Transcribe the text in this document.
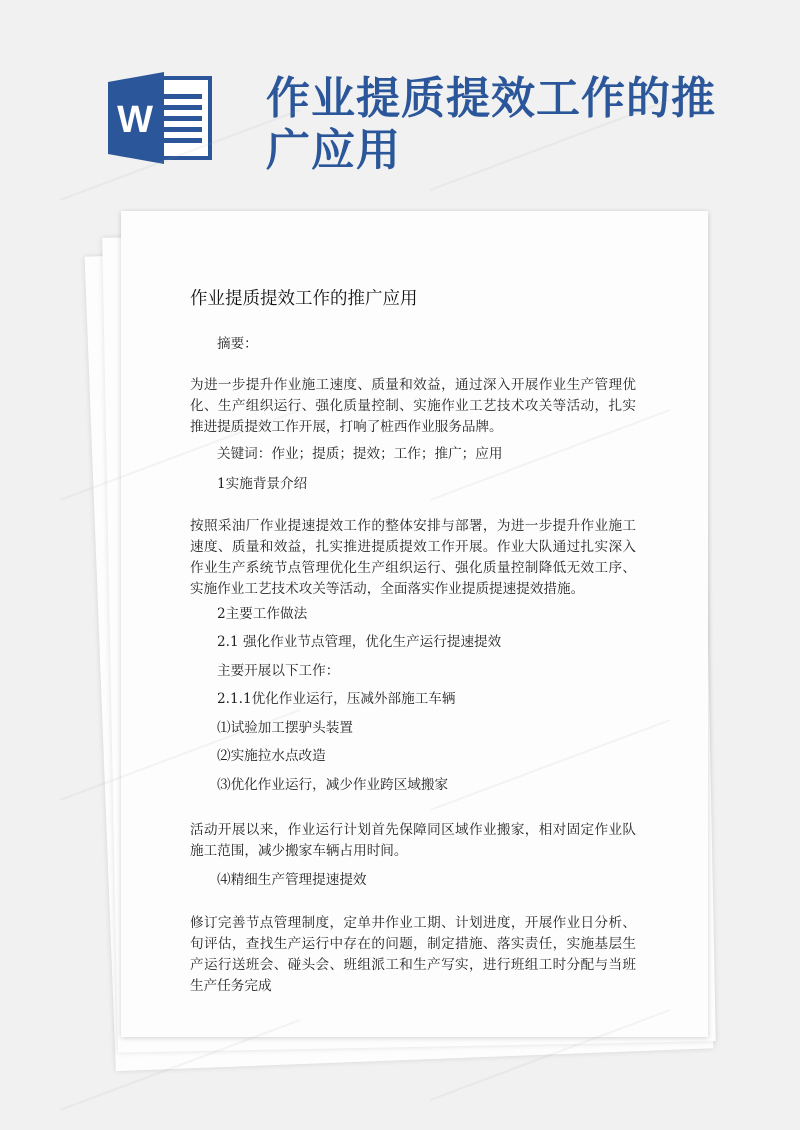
W	作业提质提效工作的推
广应用
作业提质提效工作的推广应用
摘要：
为进一步提升作业施工速度、质量和效益，通过深入开展作业生产管理优化、生产组织运行、强化质量控制、实施作业工艺技术攻关等活动，扎实推进提质提效工作开展，打响了桩西作业服务品牌。
关键词：作业；提质；提效；工作；推广；应用
1实施背景介绍
按照采油厂作业提速提效工作的整体安排与部署，为进一步提升作业施工速度、质量和效益，扎实推进提质提效工作开展。作业大队通过扎实深入作业生产系统节点管理优化生产组织运行、强化质量控制降低无效工序、实施作业工艺技术攻关等活动，全面落实作业提质提速提效措施。
2主要工作做法
2.1 强化作业节点管理，优化生产运行提速提效
主要开展以下工作：
2.1.1优化作业运行，压减外部施工车辆
⑴试验加工摆驴头装置
⑵实施拉水点改造
⑶优化作业运行，减少作业跨区域搬家
活动开展以来，作业运行计划首先保障同区域作业搬家，相对固定作业队施工范围，减少搬家车辆占用时间。
⑷精细生产管理提速提效
修订完善节点管理制度，定单井作业工期、计划进度，开展作业日分析、旬评估，查找生产运行中存在的问题，制定措施、落实责任，实施基层生产运行送班会、碰头会、班组派工和生产写实，进行班组工时分配与当班生产任务完成
